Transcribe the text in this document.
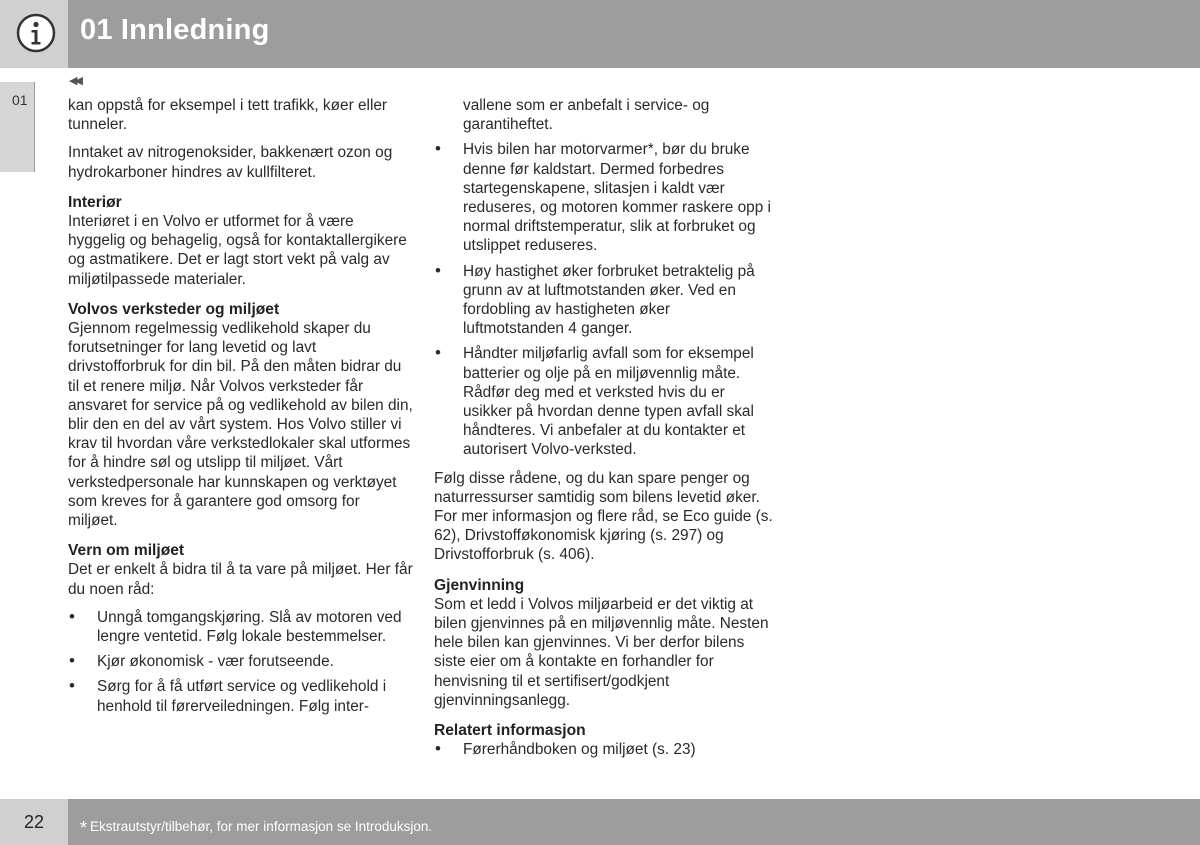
01 Innledning
01
◀◀

kan oppstå for eksempel i tett trafikk, køer eller tunneler.

Inntaket av nitrogenoksider, bakkenært ozon og hydrokarboner hindres av kullfilteret.

Interiør

Interiøret i en Volvo er utformet for å være hyggelig og behagelig, også for kontaktallergikere og astmatikere. Det er lagt stort vekt på valg av miljøtilpassede materialer.

Volvos verksteder og miljøet

Gjennom regelmessig vedlikehold skaper du forutsetninger for lang levetid og lavt drivstofforbruk for din bil. På den måten bidrar du til et renere miljø. Når Volvos verksteder får ansvaret for service på og vedlikehold av bilen din, blir den en del av vårt system. Hos Volvo stiller vi krav til hvordan våre verkstedlokaler skal utformes for å hindre søl og utslipp til miljøet. Vårt verkstedpersonale har kunnskapen og verktøyet som kreves for å garantere god omsorg for miljøet.

Vern om miljøet

Det er enkelt å bidra til å ta vare på miljøet. Her får du noen råd:

• Unngå tomgangskjøring. Slå av motoren ved lengre ventetid. Følg lokale bestemmelser.
• Kjør økonomisk - vær forutseende.
• Sørg for å få utført service og vedlikehold i henhold til førerveiledningen. Følg inter-

vallene som er anbefalt i service- og garantiheftet.

• Hvis bilen har motorvarmer*, bør du bruke denne før kaldstart. Dermed forbedres startegenskapene, slitasjen i kaldt vær reduseres, og motoren kommer raskere opp i normal driftstemperatur, slik at forbruket og utslippet reduseres.
• Høy hastighet øker forbruket betraktelig på grunn av at luftmotstanden øker. Ved en fordobling av hastigheten øker luftmotstanden 4 ganger.
• Håndter miljøfarlig avfall som for eksempel batterier og olje på en miljøvennlig måte. Rådfør deg med et verksted hvis du er usikker på hvordan denne typen avfall skal håndteres. Vi anbefaler at du kontakter et autorisert Volvo-verksted.

Følg disse rådene, og du kan spare penger og naturressurser samtidig som bilens levetid øker. For mer informasjon og flere råd, se Eco guide (s. 62), Drivstofføkonomisk kjøring (s. 297) og Drivstofforbruk (s. 406).

Gjenvinning

Som et ledd i Volvos miljøarbeid er det viktig at bilen gjenvinnes på en miljøvennlig måte. Nesten hele bilen kan gjenvinnes. Vi ber derfor bilens siste eier om å kontakte en forhandler for henvisning til et sertifisert/godkjent gjenvinningsanlegg.

Relatert informasjon
• Førerhåndboken og miljøet (s. 23)
22 * Ekstrautstyr/tilbehør, for mer informasjon se Introduksjon.
